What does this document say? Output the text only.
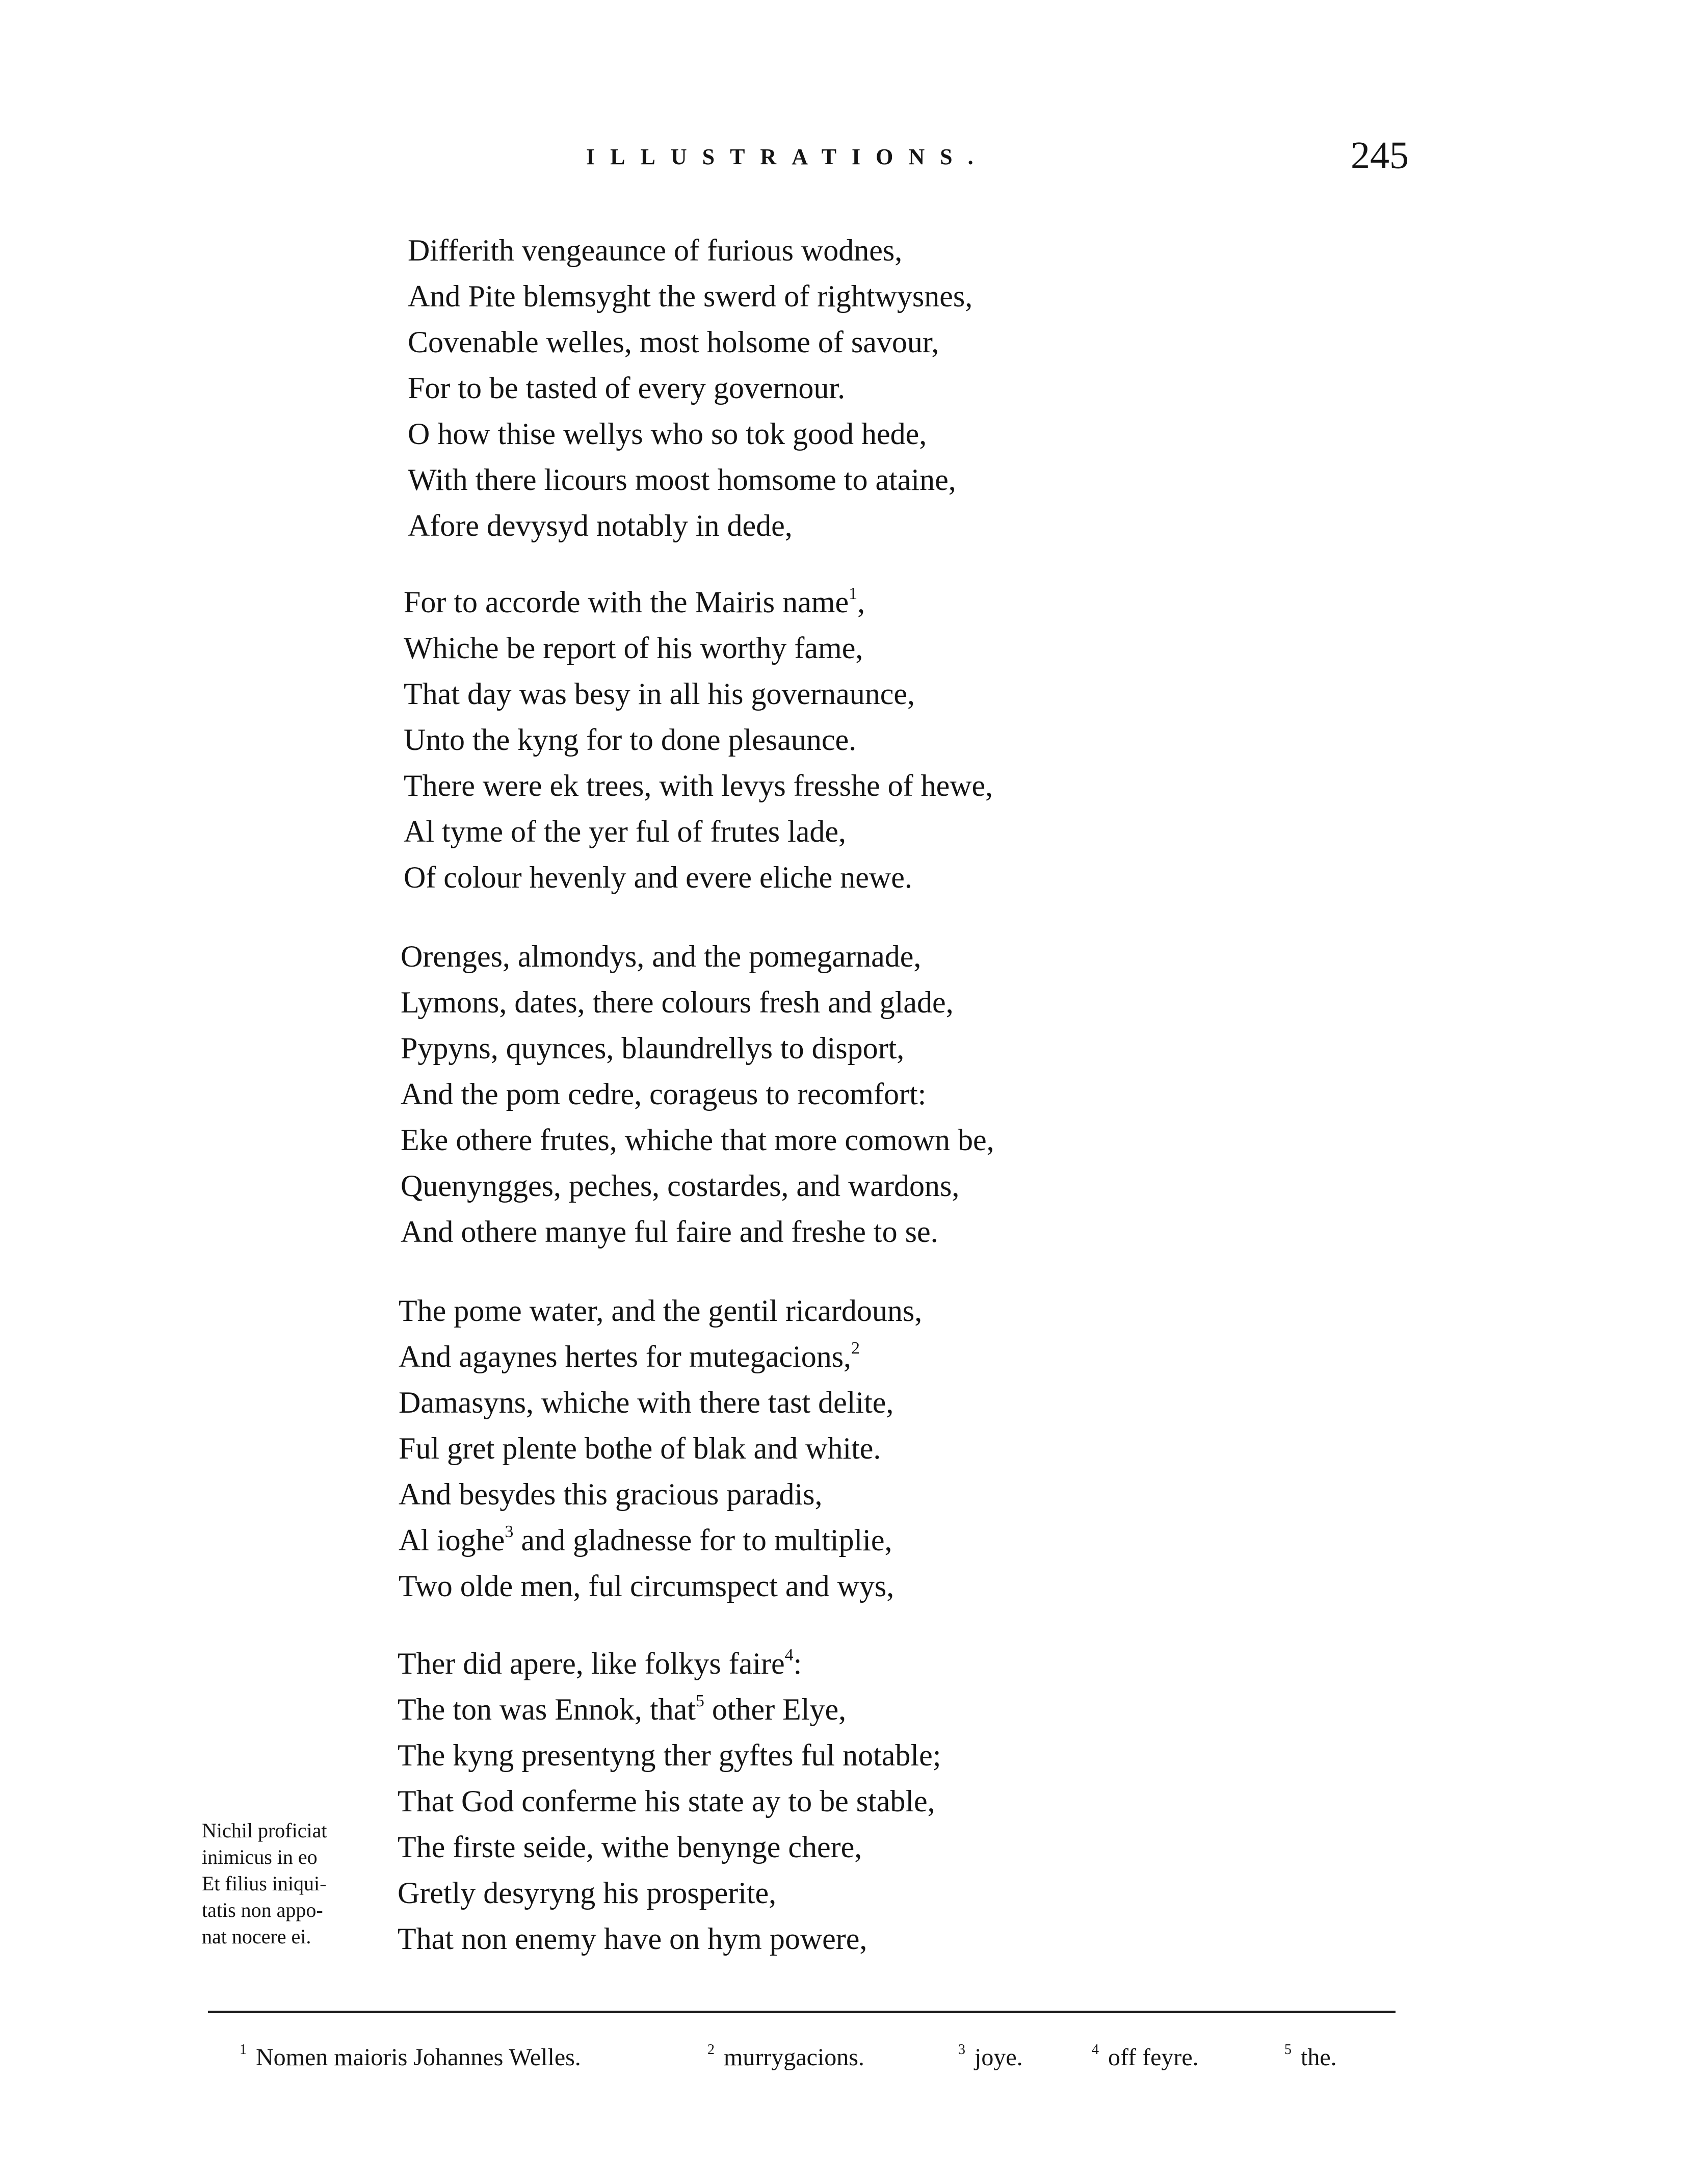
ILLUSTRATIONS.	245
Differith vengeaunce of furious wodnes,
And Pite blemsyght the swerd of rightwysnes,
Covenable welles, most holsome of savour,
For to be tasted of every governour.
O how thise wellys who so tok good hede,
With there licours moost homsome to ataine,
Afore devysyd notably in dede,
For to accorde with the Mairis name$^1$,
Whiche be report of his worthy fame,
That day was besy in all his governaunce,
Unto the kyng for to done plesaunce.
There were ek trees, with levys fresshe of hewe,
Al tyme of the yer ful of frutes lade,
Of colour hevenly and evere eliche newe.
Orenges, almondys, and the pomegarnade,
Lymons, dates, there colours fresh and glade,
Pypyns, quynces, blaundrellys to disport,
And the pom cedre, corageus to recomfort:
Eke othere frutes, whiche that more comown be,
Quenyngges, peches, costardes, and wardons,
And othere manye ful faire and freshe to se.
The pome water, and the gentil ricardouns,
And agaynes hertes for mutegacions,$^2$
Damasyns, whiche with there tast delite,
Ful gret plente bothe of blak and white.
And besydes this gracious paradis,
Al ioghe$^3$ and gladnesse for to multiplie,
Two olde men, ful circumspect and wys,
Ther did apere, like folkys faire$^4$:
The ton was Ennok, that$^5$ other Elye,
The kyng presentyng ther gyftes ful notable;
That God conferme his state ay to be stable,
The firste seide, withe benynge chere,
Gretly desyryng his prosperite,
That non enemy have on hym powere,
Nichil proficiat
inimicus in eo
Et filius iniqui-
tatis non appo-
nat nocere ei.
$^1$ Nomen maioris Johannes Welles.	$^2$ murrygacions.	$^3$ joye.	$^4$ off feyre.	$^5$ the.
